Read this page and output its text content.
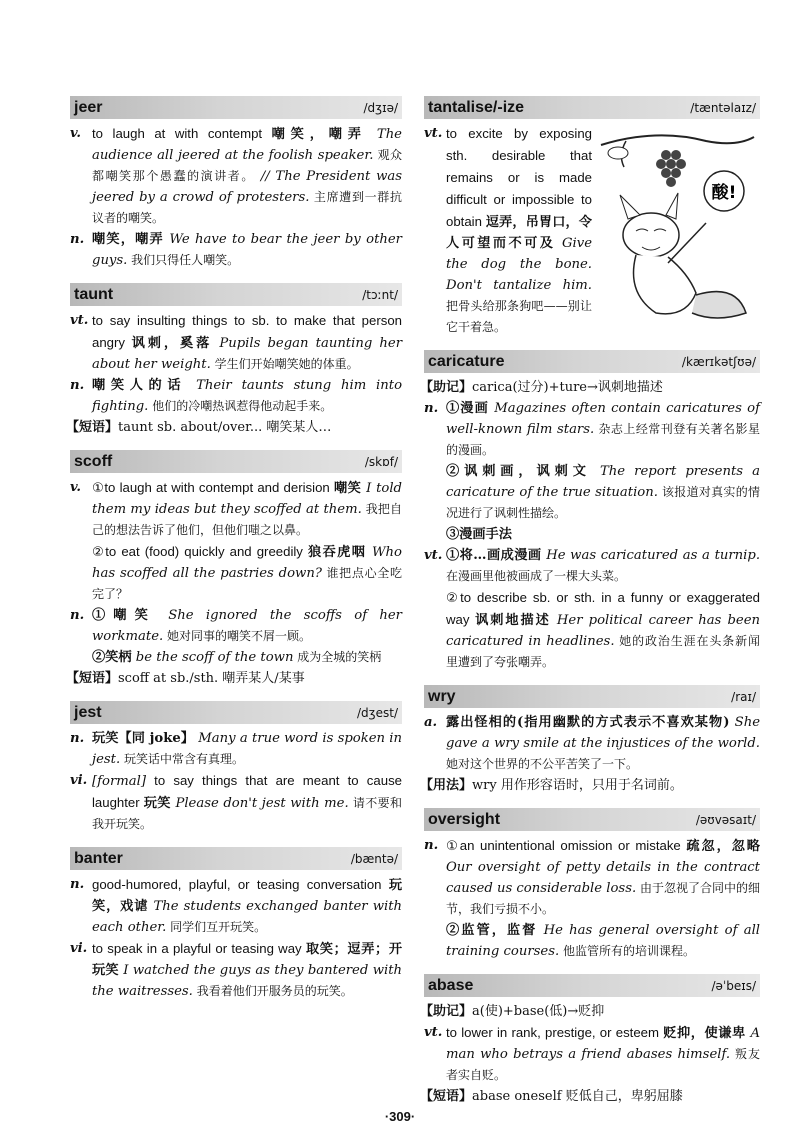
jeer	/dʒɪə/
v. to laugh at with contempt 嘲笑，嘲弄 The audience all jeered at the foolish speaker. 观众都嘲笑那个愚蠢的演讲者。 // The President was jeered by a crowd of protesters. 主席遭到一群抗议者的嘲笑。
n. 嘲笑，嘲弄 We have to bear the jeer by other guys. 我们只得任人嘲笑。
taunt	/tɔːnt/
vt. to say insulting things to sb. to make that person angry 讽刺，奚落 Pupils began taunting her about her weight. 学生们开始嘲笑她的体重。
n. 嘲笑人的话 Their taunts stung him into fighting. 他们的冷嘲热讽惹得他动起手来。
【短语】taunt sb. about/over... 嘲笑某人…
scoff	/skɒf/
v. ①to laugh at with contempt and derision 嘲笑 I told them my ideas but they scoffed at them. 我把自己的想法告诉了他们，但他们嗤之以鼻。
②to eat (food) quickly and greedily 狼吞虎咽 Who has scoffed all the pastries down? 谁把点心全吃完了？
n. ①嘲笑 She ignored the scoffs of her workmate. 她对同事的嘲笑不屑一顾。
②笑柄 be the scoff of the town 成为全城的笑柄
【短语】scoff at sb./sth. 嘲弄某人/某事
jest	/dʒest/
n. 玩笑【同 joke】 Many a true word is spoken in jest. 玩笑话中常含有真理。
vi. [formal] to say things that are meant to cause laughter 玩笑 Please don't jest with me. 请不要和我开玩笑。
banter	/bæntə/
n. good-humored, playful, or teasing conversation 玩笑，戏谑 The students exchanged banter with each other. 同学们互开玩笑。
vi. to speak in a playful or teasing way 取笑；逗弄；开玩笑 I watched the guys as they bantered with the waitresses. 我看着他们开服务员的玩笑。
tantalise/-ize	/tæntəlaɪz/
vt. to excite by exposing sth. desirable that remains or is made difficult or impossible to obtain 逗弄，吊胃口，令人可望而不可及 Give the dog the bone. Don't tantalize him. 把骨头给那条狗吧——别让它干着急。
酸!
caricature	/kærɪkətʃʊə/
【助记】carica(过分)+ture→讽刺地描述
n. ①漫画 Magazines often contain caricatures of well-known film stars. 杂志上经常刊登有关著名影星的漫画。
②讽刺画，讽刺文 The report presents a caricature of the true situation. 该报道对真实的情况进行了讽刺性描绘。
③漫画手法
vt. ①将…画成漫画 He was caricatured as a turnip. 在漫画里他被画成了一棵大头菜。
②to describe sb. or sth. in a funny or exaggerated way 讽刺地描述 Her political career has been caricatured in headlines. 她的政治生涯在头条新闻里遭到了夸张嘲弄。
wry	/raɪ/
a. 露出怪相的(指用幽默的方式表示不喜欢某物) She gave a wry smile at the injustices of the world. 她对这个世界的不公平苦笑了一下。
【用法】wry 用作形容语时，只用于名词前。
oversight	/əʊvəsaɪt/
n. ①an unintentional omission or mistake 疏忽，忽略 Our oversight of petty details in the contract caused us considerable loss. 由于忽视了合同中的细节，我们亏损不小。
②监管，监督 He has general oversight of all training courses. 他监管所有的培训课程。
abase	/əˈbeɪs/
【助记】a(使)+base(低)→贬抑
vt. to lower in rank, prestige, or esteem 贬抑，使谦卑 A man who betrays a friend abases himself. 叛友者实自贬。
【短语】abase oneself 贬低自己，卑躬屈膝
·309·
